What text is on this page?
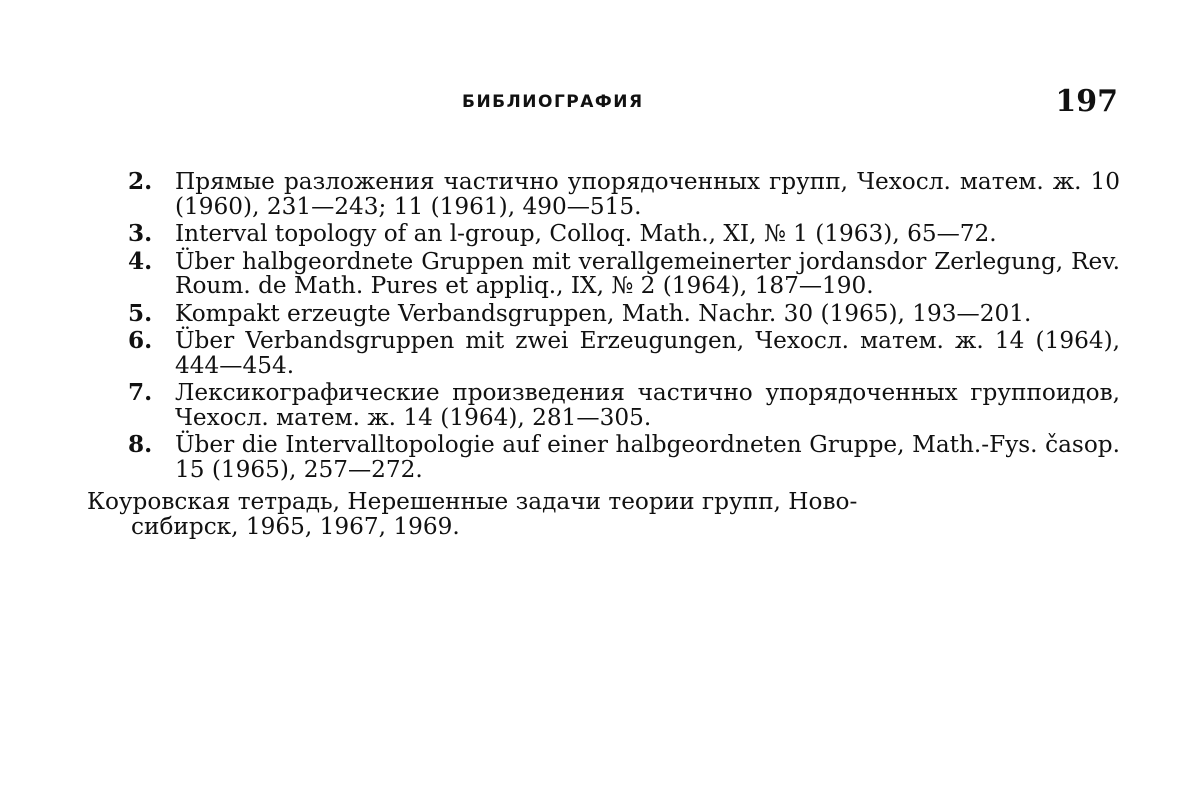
БИБЛИОГРАФИЯ	197
2. Прямые разложения частично упорядоченных групп, Чехосл. матем. ж. 10 (1960), 231—243; 11 (1961), 490—515.
3. Interval topology of an l-group, Colloq. Math., XI, № 1 (1963), 65—72.
4. Über halbgeordnete Gruppen mit verallgemeinerter jordansdor Zerlegung, Rev. Roum. de Math. Pures et appliq., IX, № 2 (1964), 187—190.
5. Kompakt erzeugte Verbandsgruppen, Math. Nachr. 30 (1965), 193—201.
6. Über Verbandsgruppen mit zwei Erzeugungen, Чехосл. матем. ж. 14 (1964), 444—454.
7. Лексикографические произведения частично упорядоченных группоидов, Чехосл. матем. ж. 14 (1964), 281—305.
8. Über die Intervalltopologie auf einer halbgeordneten Gruppe, Math.-Fys. časop. 15 (1965), 257—272.
Коуровская тетрадь, Нерешенные задачи теории групп, Ново-
сибирск, 1965, 1967, 1969.
